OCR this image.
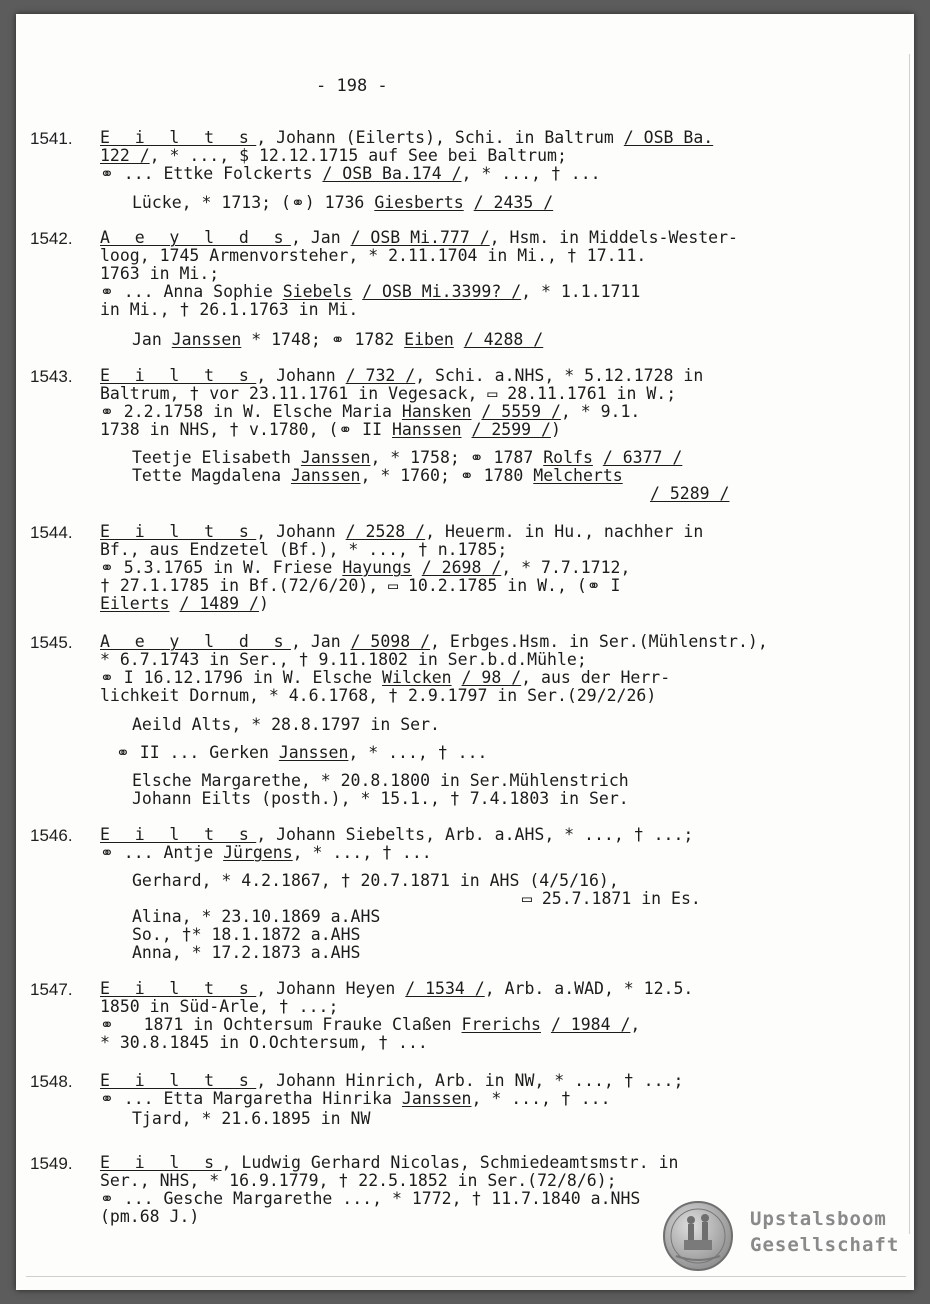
- 198 -
1541. E i l t s, Johann (Eilerts), Schi. in Baltrum / OSB Ba.
122 /, * ..., $ 12.12.1715 auf See bei Baltrum;
⚭ ... Ettke Folckerts / OSB Ba.174 /, * ..., † ...
Lücke, * 1713; (⚭) 1736 Giesberts / 2435 /
1542. A e y l d s, Jan / OSB Mi.777 /, Hsm. in Middels-Wester-
loog, 1745 Armenvorsteher, * 2.11.1704 in Mi., † 17.11.
1763 in Mi.;
⚭ ... Anna Sophie Siebels / OSB Mi.3399? /, * 1.1.1711
in Mi., † 26.1.1763 in Mi.
Jan Janssen * 1748; ⚭ 1782 Eiben / 4288 /
1543. E i l t s, Johann / 732 /, Schi. a.NHS, * 5.12.1728 in
Baltrum, † vor 23.11.1761 in Vegesack, ▭ 28.11.1761 in W.;
⚭ 2.2.1758 in W. Elsche Maria Hansken / 5559 /, * 9.1.
1738 in NHS, † v.1780, (⚭ II Hanssen / 2599 /)
Teetje Elisabeth Janssen, * 1758; ⚭ 1787 Rolfs / 6377 /
Tette Magdalena Janssen, * 1760; ⚭ 1780 Melcherts
/ 5289 /
1544. E i l t s, Johann / 2528 /, Heuerm. in Hu., nachher in
Bf., aus Endzetel (Bf.), * ..., † n.1785;
⚭ 5.3.1765 in W. Friese Hayungs / 2698 /, * 7.7.1712,
† 27.1.1785 in Bf.(72/6/20), ▭ 10.2.1785 in W., (⚭ I
Eilerts / 1489 /)
1545. A e y l d s, Jan / 5098 /, Erbges.Hsm. in Ser.(Mühlenstr.),
* 6.7.1743 in Ser., † 9.11.1802 in Ser.b.d.Mühle;
⚭ I 16.12.1796 in W. Elsche Wilcken / 98 /, aus der Herr-
lichkeit Dornum, * 4.6.1768, † 2.9.1797 in Ser.(29/2/26)
Aeild Alts, * 28.8.1797 in Ser.
⚭ II ... Gerken Janssen, * ..., † ...
Elsche Margarethe, * 20.8.1800 in Ser.Mühlenstrich
Johann Eilts (posth.), * 15.1., † 7.4.1803 in Ser.
1546. E i l t s, Johann Siebelts, Arb. a.AHS, * ..., † ...;
⚭ ... Antje Jürgens, * ..., † ...
Gerhard, * 4.2.1867, † 20.7.1871 in AHS (4/5/16),
▭ 25.7.1871 in Es.
Alina, * 23.10.1869 a.AHS
So., †* 18.1.1872 a.AHS
Anna, * 17.2.1873 a.AHS
1547. E i l t s, Johann Heyen / 1534 /, Arb. a.WAD, * 12.5.
1850 in Süd-Arle, † ...;
⚭   1871 in Ochtersum Frauke Claßen Frerichs / 1984 /,
* 30.8.1845 in O.Ochtersum, † ...
1548. E i l t s, Johann Hinrich, Arb. in NW, * ..., † ...;
⚭ ... Etta Margaretha Hinrika Janssen, * ..., † ...
Tjard, * 21.6.1895 in NW
1549. E i l s, Ludwig Gerhard Nicolas, Schmiedeamtsmstr. in
Ser., NHS, * 16.9.1779, † 22.5.1852 in Ser.(72/8/6);
⚭ ... Gesche Margarethe ..., * 1772, † 11.7.1840 a.NHS
(pm.68 J.)	Upstalsboom
Gesellschaft
